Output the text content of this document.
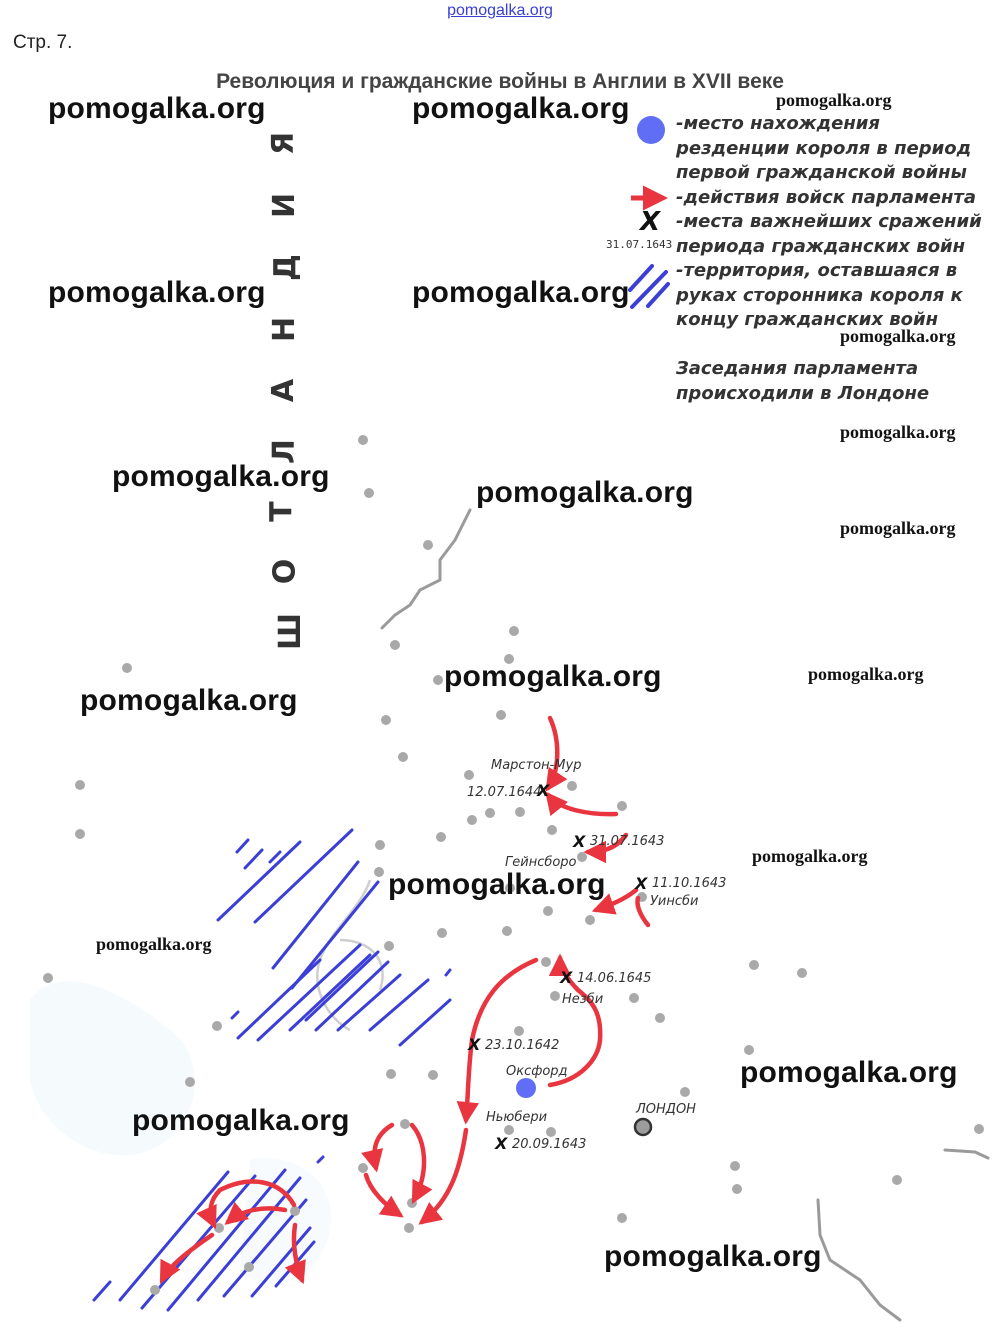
pomogalka.org
Стр. 7.
Революция и гражданские войны в Англии в XVII веке
-место нахождения
резденции короля в период
первой гражданской войны
-действия войск парламента
X
31.07.1643
-места важнейших сражений
периода гражданских войн
-территория, оставшаяся в
руках сторонника короля к
концу гражданских войн
Заседания парламента
происходили в Лондоне
Я
И
Д
Н
А
Л
Т
О
Ш
Марстон-Мур
Гейнсборо
Уинсби
Незби
Оксфорд
Ньюбери
ЛОНДОН
12.07.1644
X
X 31.07.1643
X 11.10.1643
X 14.06.1645
X 23.10.1642
X 20.09.1643
pomogalka.org	pomogalka.org	pomogalka.org
pomogalka.org	pomogalka.org
pomogalka.org
pomogalka.org
pomogalka.org	pomogalka.org
pomogalka.org
pomogalka.org	pomogalka.org
pomogalka.org
pomogalka.org
pomogalka.org
pomogalka.org
pomogalka.org
pomogalka.org
pomogalka.org
